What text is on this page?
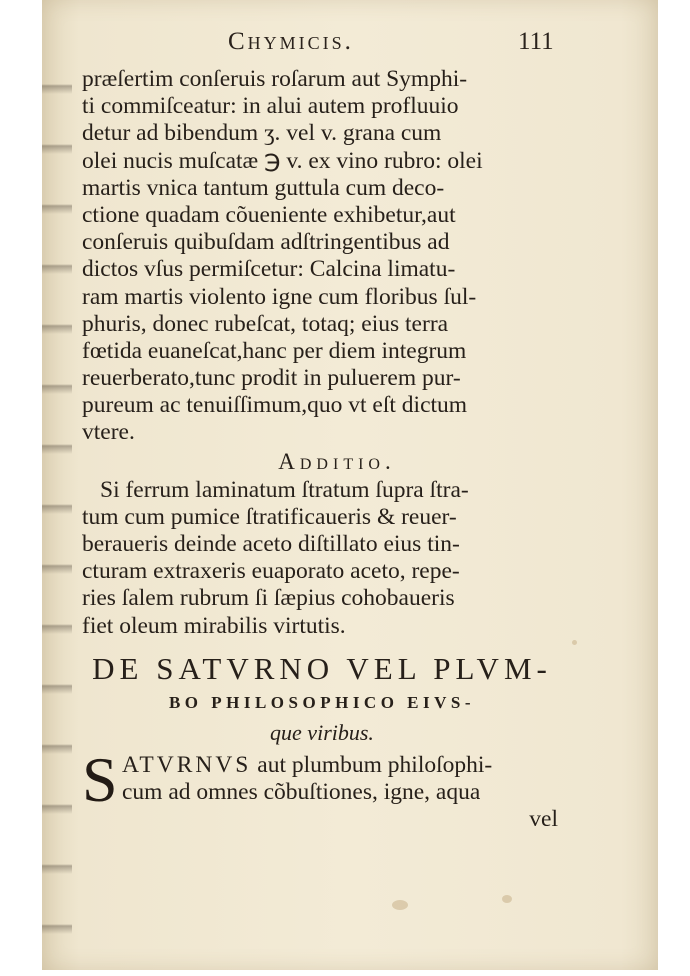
Chymicis.	111
præſertim conſeruis roſarum aut Symphi-
ti commiſceatur: in alui autem profluuio
detur ad bibendum ʒ. vel v. grana cum
olei nucis muſcatæ ℈ v. ex vino rubro: olei
martis vnica tantum guttula cum deco-
ctione quadam cõueniente exhibetur,aut
conſeruis quibuſdam adſtringentibus ad
dictos vſus permiſcetur: Calcina limatu-
ram martis violento igne cum floribus ſul-
phuris, donec rubeſcat, totaq; eius terra
fœtida euaneſcat,hanc per diem integrum
reuerberato,tunc prodit in puluerem pur-
pureum ac tenuiſſimum,quo vt eſt dictum
vtere.
Additio.
Si ferrum laminatum ſtratum ſupra ſtra-
tum cum pumice ſtratificaueris & reuer-
beraueris deinde aceto diſtillato eius tin-
cturam extraxeris euaporato aceto, repe-
ries ſalem rubrum ſi ſæpius cohobaueris
fiet oleum mirabilis virtutis.
DE SATVRNO VEL PLVM-
BO PHILOSOPHICO EIVS-
que viribus.
S ATVRNVS aut plumbum philoſophi-
cum ad omnes cõbuſtiones, igne, aqua
vel
